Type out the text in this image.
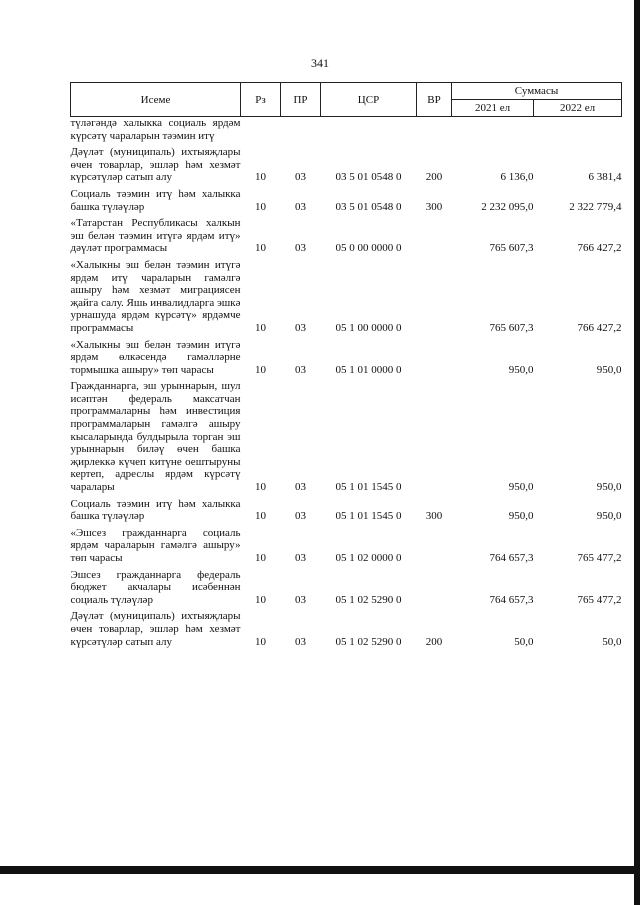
341
Исеме	Рз	ПР	ЦСР	ВР	Суммасы	
					2021 ел	2022 ел
түләгәндә халыкка социаль ярдәм күрсәтү чараларын тәэмин итү						
Дәүләт (муниципаль) ихтыяҗлары өчен товарлар, эшләр һәм хезмәт күрсәтүләр сатып алу	10	03	03 5 01 0548 0	200	6 136,0	6 381,4
Социаль тәэмин итү һәм халыкка башка түләүләр	10	03	03 5 01 0548 0	300	2 232 095,0	2 322 779,4
«Татарстан Республикасы халкын эш белән тәэмин итүгә ярдәм итү» дәүләт программасы	10	03	05 0 00 0000 0		765 607,3	766 427,2
«Халыкны эш белән тәэмин итүгә ярдәм итү чараларын гамәлгә ашыру һәм хезмәт миграциясен җайга салу. Яшь инвалидларга эшкә урнашуда ярдәм күрсәтү» ярдәмче программасы	10	03	05 1 00 0000 0		765 607,3	766 427,2
«Халыкны эш белән тәэмин итүгә ярдәм өлкәсендә гамәлләрне тормышка ашыру» төп чарасы	10	03	05 1 01 0000 0		950,0	950,0
Гражданнарга, эш урыннарын, шул исәптән федераль максатчан программаларны һәм инвестиция программаларын гамәлгә ашыру кысаларында булдырыла торган эш урыннарын биләү өчен башка җирлеккә күчеп китүне оештыруны кертеп, адреслы ярдәм күрсәтү чаралары	10	03	05 1 01 1545 0		950,0	950,0
Социаль тәэмин итү һәм халыкка башка түләүләр	10	03	05 1 01 1545 0	300	950,0	950,0
«Эшсез гражданнарга социаль ярдәм чараларын гамәлгә ашыру» төп чарасы	10	03	05 1 02 0000 0		764 657,3	765 477,2
Эшсез гражданнарга федераль бюджет акчалары исәбеннән социаль түләүләр	10	03	05 1 02 5290 0		764 657,3	765 477,2
Дәүләт (муниципаль) ихтыяҗлары өчен товарлар, эшләр һәм хезмәт күрсәтүләр сатып алу	10	03	05 1 02 5290 0	200	50,0	50,0
